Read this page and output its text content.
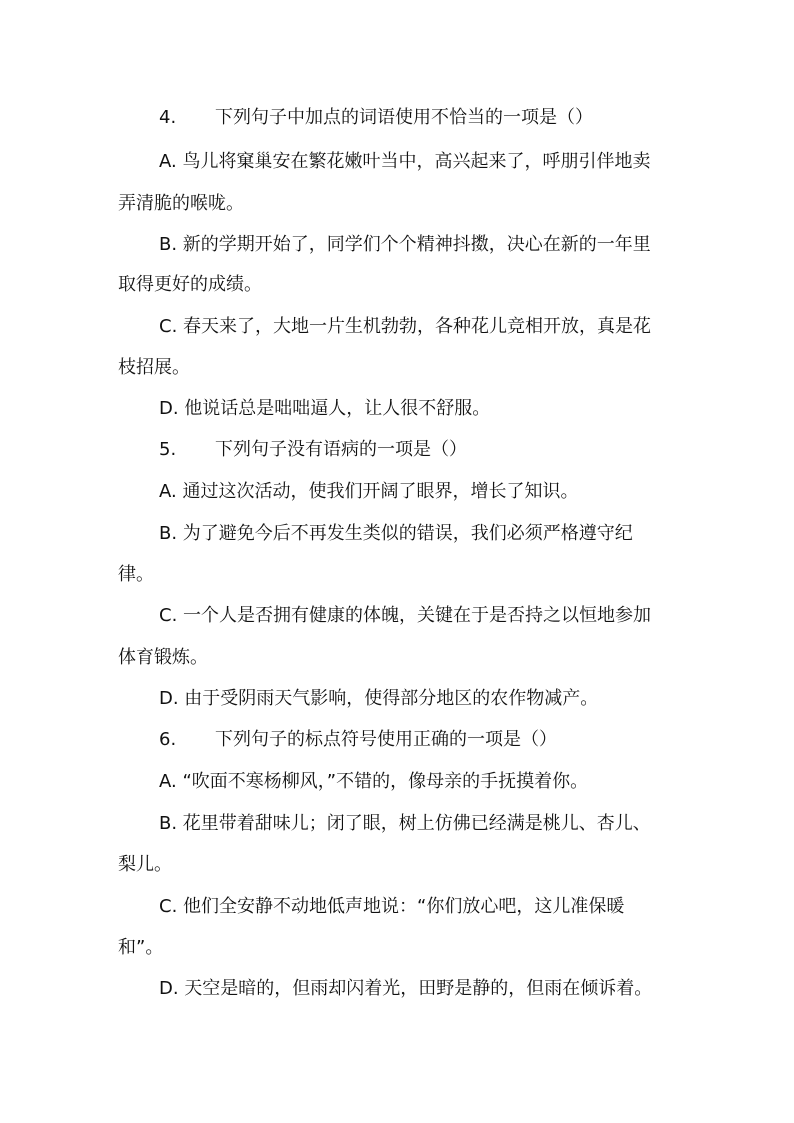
4. 下列句子中加点的词语使用不恰当的一项是（）
A. 鸟儿将窠巢安在繁花嫩叶当中，高兴起来了，呼朋引伴地卖
弄清脆的喉咙。
B. 新的学期开始了，同学们个个精神抖擞，决心在新的一年里
取得更好的成绩。
C. 春天来了，大地一片生机勃勃，各种花儿竞相开放，真是花
枝招展。
D. 他说话总是咄咄逼人，让人很不舒服。
5. 下列句子没有语病的一项是（）
A. 通过这次活动，使我们开阔了眼界，增长了知识。
B. 为了避免今后不再发生类似的错误，我们必须严格遵守纪
律。
C. 一个人是否拥有健康的体魄，关键在于是否持之以恒地参加
体育锻炼。
D. 由于受阴雨天气影响，使得部分地区的农作物减产。
6. 下列句子的标点符号使用正确的一项是（）
A. “吹面不寒杨柳风，”不错的，像母亲的手抚摸着你。
B. 花里带着甜味儿；闭了眼，树上仿佛已经满是桃儿、杏儿、
梨儿。
C. 他们全安静不动地低声地说：“你们放心吧，这儿准保暖
和”。
D. 天空是暗的，但雨却闪着光，田野是静的，但雨在倾诉着。
